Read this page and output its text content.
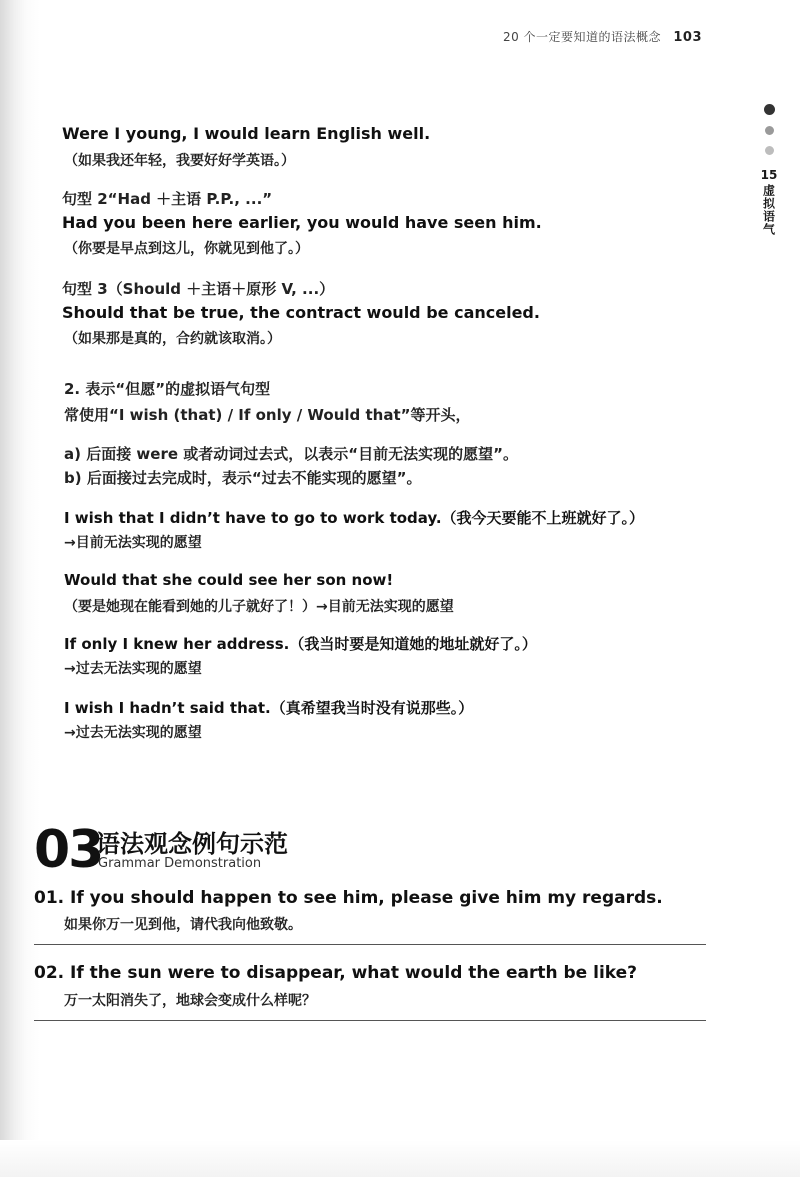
20 个一定要知道的语法概念 103
15
虚拟语气
Were I young, I would learn English well.
（如果我还年轻，我要好好学英语。）
句型 2“Had ＋主语 P.P., ...”
Had you been here earlier, you would have seen him.
（你要是早点到这儿，你就见到他了。）
句型 3（Should ＋主语＋原形 V, ...）
Should that be true, the contract would be canceled.
（如果那是真的，合约就该取消。）
2. 表示“但愿”的虚拟语气句型
常使用“I wish (that) / If only / Would that”等开头，
a) 后面接 were 或者动词过去式，以表示“目前无法实现的愿望”。
b) 后面接过去完成时，表示“过去不能实现的愿望”。
I wish that I didn’t have to go to work today.（我今天要能不上班就好了。）
→目前无法实现的愿望
Would that she could see her son now!
（要是她现在能看到她的儿子就好了！）→目前无法实现的愿望
If only I knew her address.（我当时要是知道她的地址就好了。）
→过去无法实现的愿望
I wish I hadn’t said that.（真希望我当时没有说那些。）
→过去无法实现的愿望
03
语法观念例句示范
Grammar Demonstration
01. If you should happen to see him, please give him my regards.
如果你万一见到他，请代我向他致敬。
02. If the sun were to disappear, what would the earth be like?
万一太阳消失了，地球会变成什么样呢？
